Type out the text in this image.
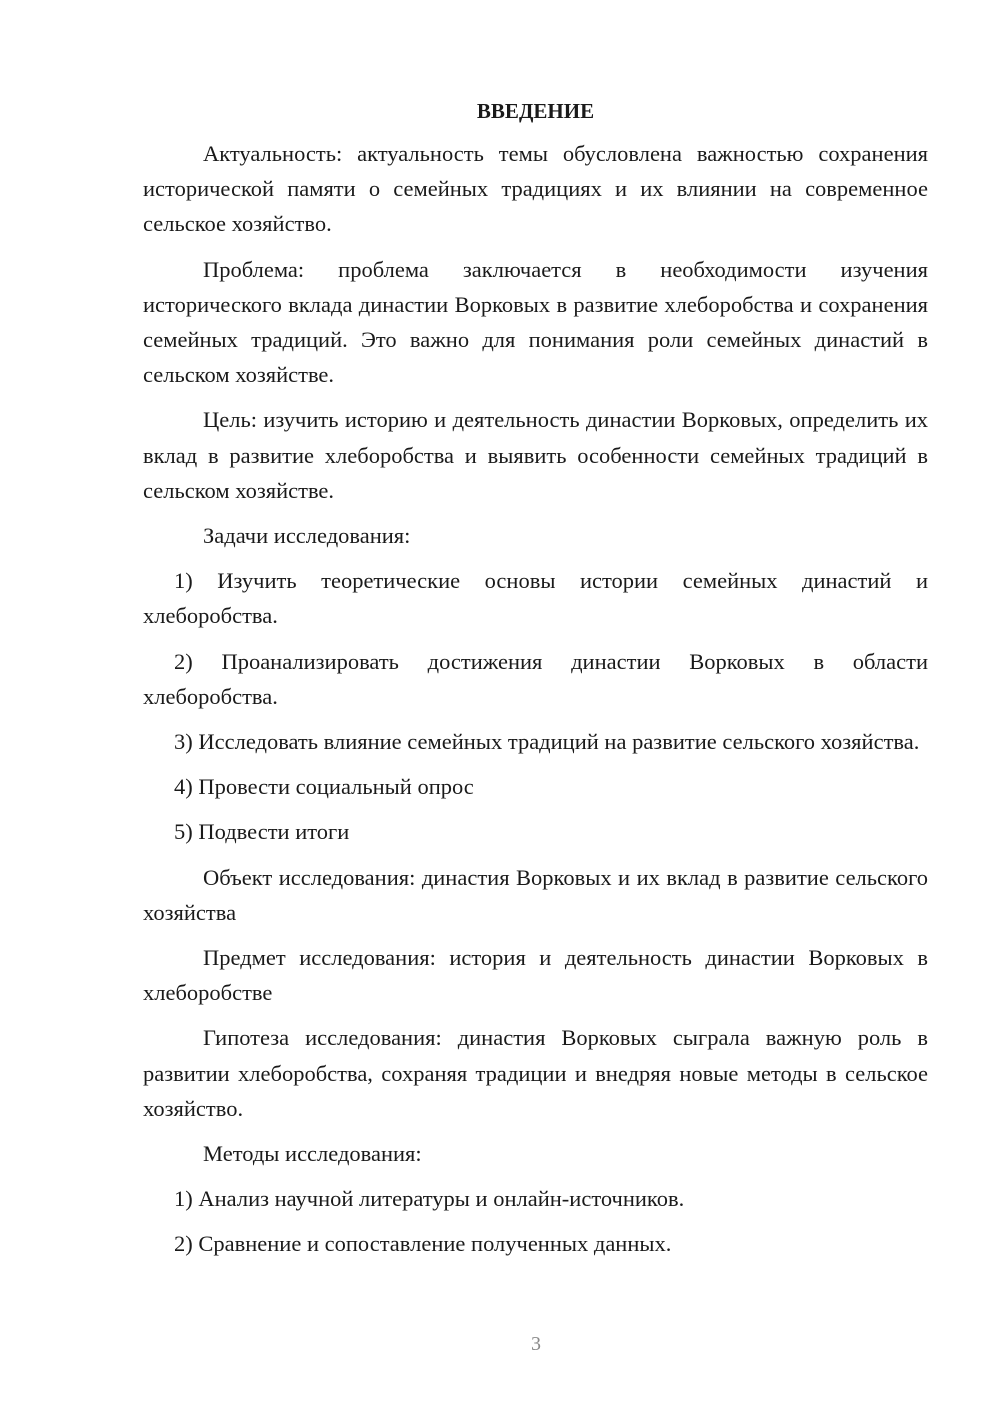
ВВЕДЕНИЕ

Актуальность: актуальность темы обусловлена важностью сохранения исторической памяти о семейных традициях и их влиянии на современное сельское хозяйство.

Проблема: проблема заключается в необходимости изучения исторического вклада династии Ворковых в развитие хлеборобства и сохранения семейных традиций. Это важно для понимания роли семейных династий в сельском хозяйстве.

Цель: изучить историю и деятельность династии Ворковых, определить их вклад в развитие хлеборобства и выявить особенности семейных традиций в сельском хозяйстве.

Задачи исследования:

1) Изучить теоретические основы истории семейных династий и хлеборобства.

2) Проанализировать достижения династии Ворковых в области хлеборобства.

3) Исследовать влияние семейных традиций на развитие сельского хозяйства.

4) Провести социальный опрос

5) Подвести итоги

Объект исследования: династия Ворковых и их вклад в развитие сельского хозяйства

Предмет исследования: история и деятельность династии Ворковых в хлеборобстве

Гипотеза исследования: династия Ворковых сыграла важную роль в развитии хлеборобства, сохраняя традиции и внедряя новые методы в сельское хозяйство.

Методы исследования:

1) Анализ научной литературы и онлайн-источников.

2) Сравнение и сопоставление полученных данных.

3
